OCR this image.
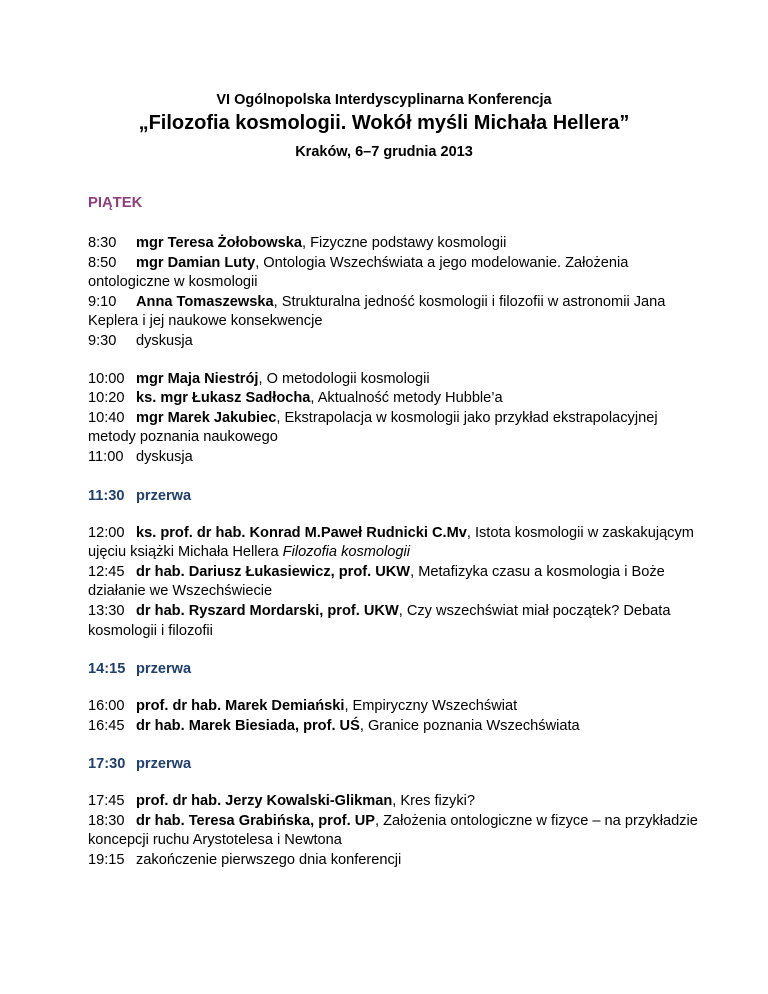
VI Ogólnopolska Interdyscyplinarna Konferencja
„Filozofia kosmologii. Wokół myśli Michała Hellera”
Kraków, 6–7 grudnia 2013
PIĄTEK
8:30 mgr Teresa Żołobowska, Fizyczne podstawy kosmologii
8:50 mgr Damian Luty, Ontologia Wszechświata a jego modelowanie. Założenia ontologiczne w kosmologii
9:10 Anna Tomaszewska, Strukturalna jedność kosmologii i filozofii w astronomii Jana Keplera i jej naukowe konsekwencje
9:30 dyskusja
10:00 mgr Maja Niestrój, O metodologii kosmologii
10:20 ks. mgr Łukasz Sadłocha, Aktualność metody Hubble’a
10:40 mgr Marek Jakubiec, Ekstrapolacja w kosmologii jako przykład ekstrapolacyjnej metody poznania naukowego
11:00 dyskusja
11:30 przerwa
12:00 ks. prof. dr hab. Konrad M.Paweł Rudnicki C.Mv, Istota kosmologii w zaskakującym ujęciu książki Michała Hellera Filozofia kosmologii
12:45 dr hab. Dariusz Łukasiewicz, prof. UKW, Metafizyka czasu a kosmologia i Boże działanie we Wszechświecie
13:30 dr hab. Ryszard Mordarski, prof. UKW, Czy wszechświat miał początek? Debata kosmologii i filozofii
14:15 przerwa
16:00 prof. dr hab. Marek Demiański, Empiryczny Wszechświat
16:45 dr hab. Marek Biesiada, prof. UŚ, Granice poznania Wszechświata
17:30 przerwa
17:45 prof. dr hab. Jerzy Kowalski-Glikman, Kres fizyki?
18:30 dr hab. Teresa Grabińska, prof. UP, Założenia ontologiczne w fizyce – na przykładzie koncepcji ruchu Arystotelesa i Newtona
19:15 zakończenie pierwszego dnia konferencji
